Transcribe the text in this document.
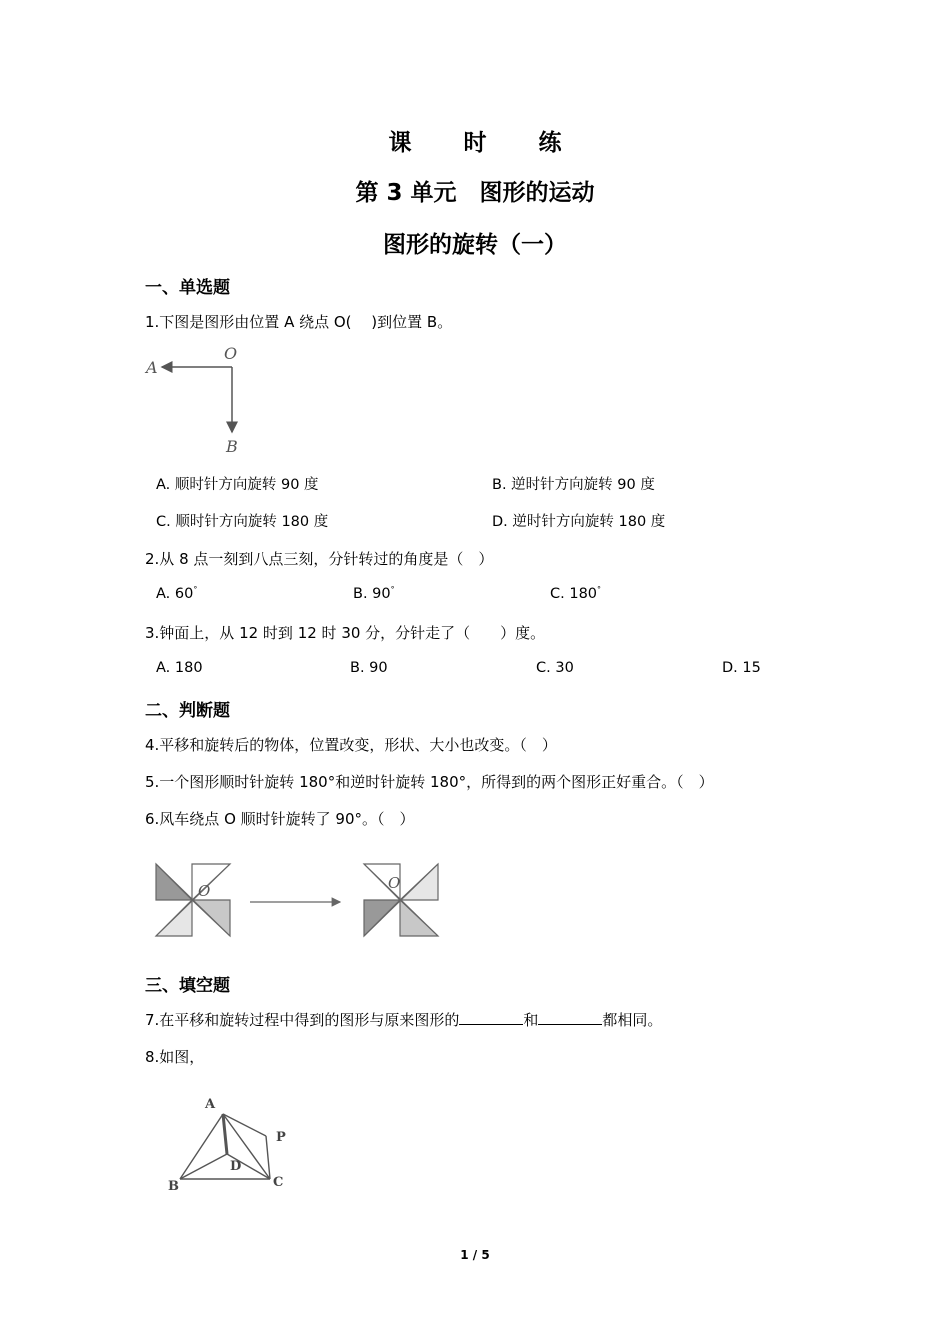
课 时 练
第 3 单元　图形的运动
图形的旋转（一）
一、单选题
1.下图是图形由位置 A 绕点 O(　 )到位置 B。
A
O
B
A. 顺时针方向旋转 90 度	B. 逆时针方向旋转 90 度
C. 顺时针方向旋转 180 度	D. 逆时针方向旋转 180 度
2.从 8 点一刻到八点三刻，分针转过的角度是（　）
A. 60°	B. 90°	C. 180°
3.钟面上，从 12 时到 12 时 30 分，分针走了（　　）度。
A. 180	B. 90	C. 30	D. 15
二、判断题
4.平移和旋转后的物体，位置改变，形状、大小也改变。（　）
5.一个图形顺时针旋转 180°和逆时针旋转 180°，所得到的两个图形正好重合。（　）
6.风车绕点 O 顺时针旋转了 90°。（　）
O	O
三、填空题
7.在平移和旋转过程中得到的图形与原来图形的	和	都相同。
8.如图，
A
B	C
D
P
1 / 5
